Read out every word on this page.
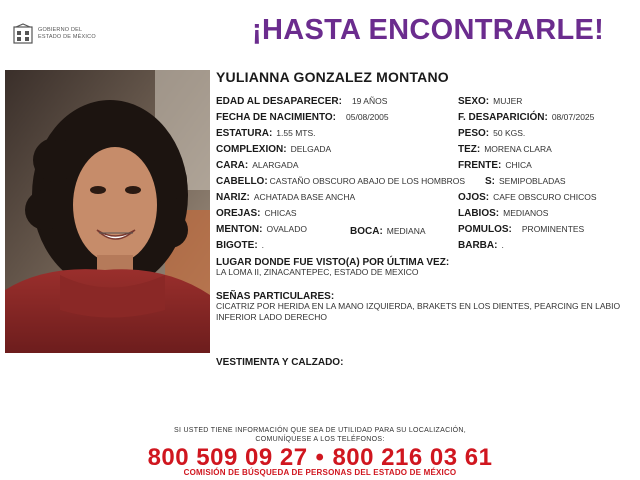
GOBIERNO DEL
ESTADO DE MÉXICO	¡HASTA ENCONTRARLE!
YULIANNA GONZALEZ MONTANO
EDAD AL DESAPARECER: 19 AÑOS	SEXO: MUJER
FECHA DE NACIMIENTO: 05/08/2005	F. DESAPARICIÓN: 08/07/2025
ESTATURA: 1.55 MTS.	PESO: 50 KGS.
COMPLEXION: DELGADA	TEZ: MORENA CLARA
CARA: ALARGADA	FRENTE: CHICA
CABELLO: CASTAÑO OBSCURO ABAJO DE LOS HOMBROS S: SEMIPOBLADAS
NARIZ: ACHATADA BASE ANCHA	OJOS: CAFE OBSCURO CHICOS
OREJAS: CHICAS	LABIOS: MEDIANOS
MENTON: OVALADO	BOCA: MEDIANA	POMULOS: PROMINENTES
BIGOTE: .	BARBA: .
LUGAR DONDE FUE VISTO(A) POR ÚLTIMA VEZ:
LA LOMA II, ZINACANTEPEC, ESTADO DE MEXICO
SEÑAS PARTICULARES:
CICATRIZ POR HERIDA EN LA MANO IZQUIERDA, BRAKETS EN LOS DIENTES, PEARCING EN LABIO INFERIOR LADO DERECHO
VESTIMENTA Y CALZADO:
SI USTED TIENE INFORMACIÓN QUE SEA DE UTILIDAD PARA SU LOCALIZACIÓN,
COMUNÍQUESE A LOS TELÉFONOS:
800 509 09 27 • 800 216 03 61
COMISIÓN DE BÚSQUEDA DE PERSONAS DEL ESTADO DE MÉXICO
